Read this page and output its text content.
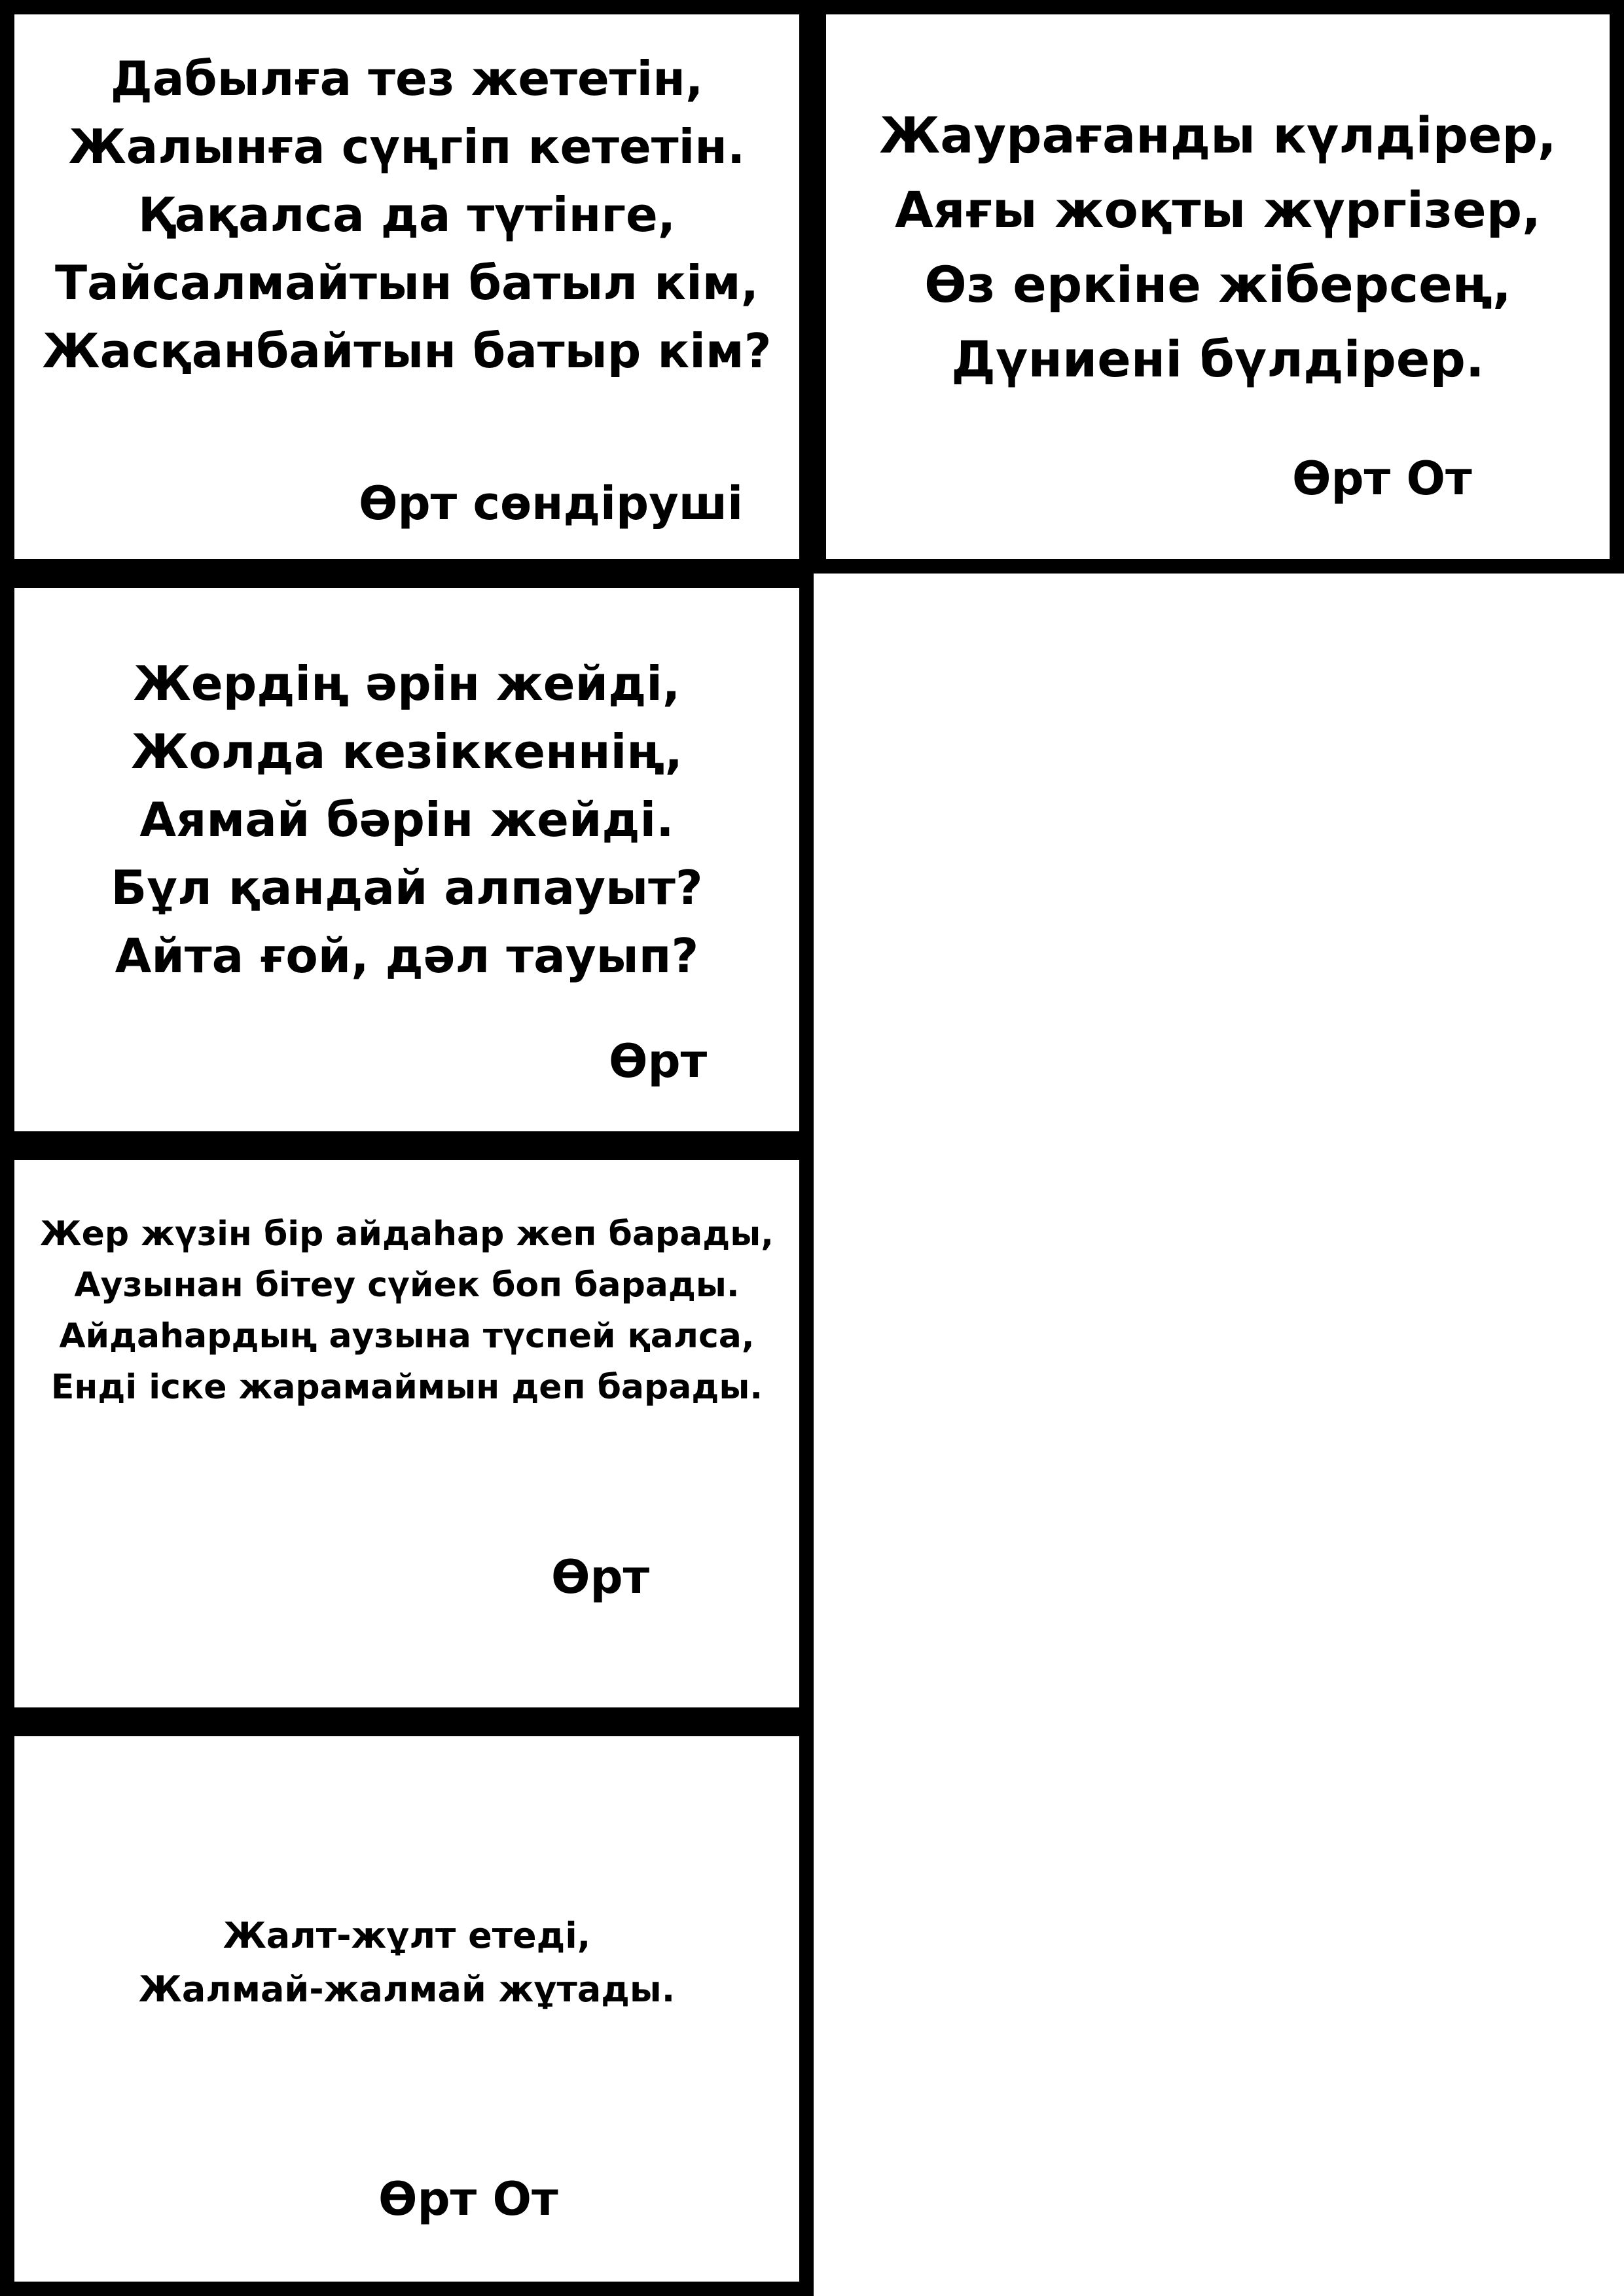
Дабылға тез жететін,
Жалынға сүңгіп кететін.
Қақалса да түтінге,
Тайсалмайтын батыл кім,
Жасқанбайтын батыр кім?
Өрт сөндіруші
Жаурағанды күлдірер,
Аяғы жоқты жүргізер,
Өз еркіне жіберсең,
Дүниені бүлдірер.
Өрт От
Жердің әрін жейді,
Жолда кезіккеннің,
Аямай бәрін жейді.
Бұл қандай алпауыт?
Айта ғой, дәл тауып?
Өрт
Жер жүзін бір айдаһар жеп барады,
Аузынан бітеу сүйек боп барады.
Айдаһардың аузына түспей қалса,
Енді іске жарамаймын деп барады.
Өрт
Жалт-жұлт етеді,
Жалмай-жалмай жұтады.
Өрт От
